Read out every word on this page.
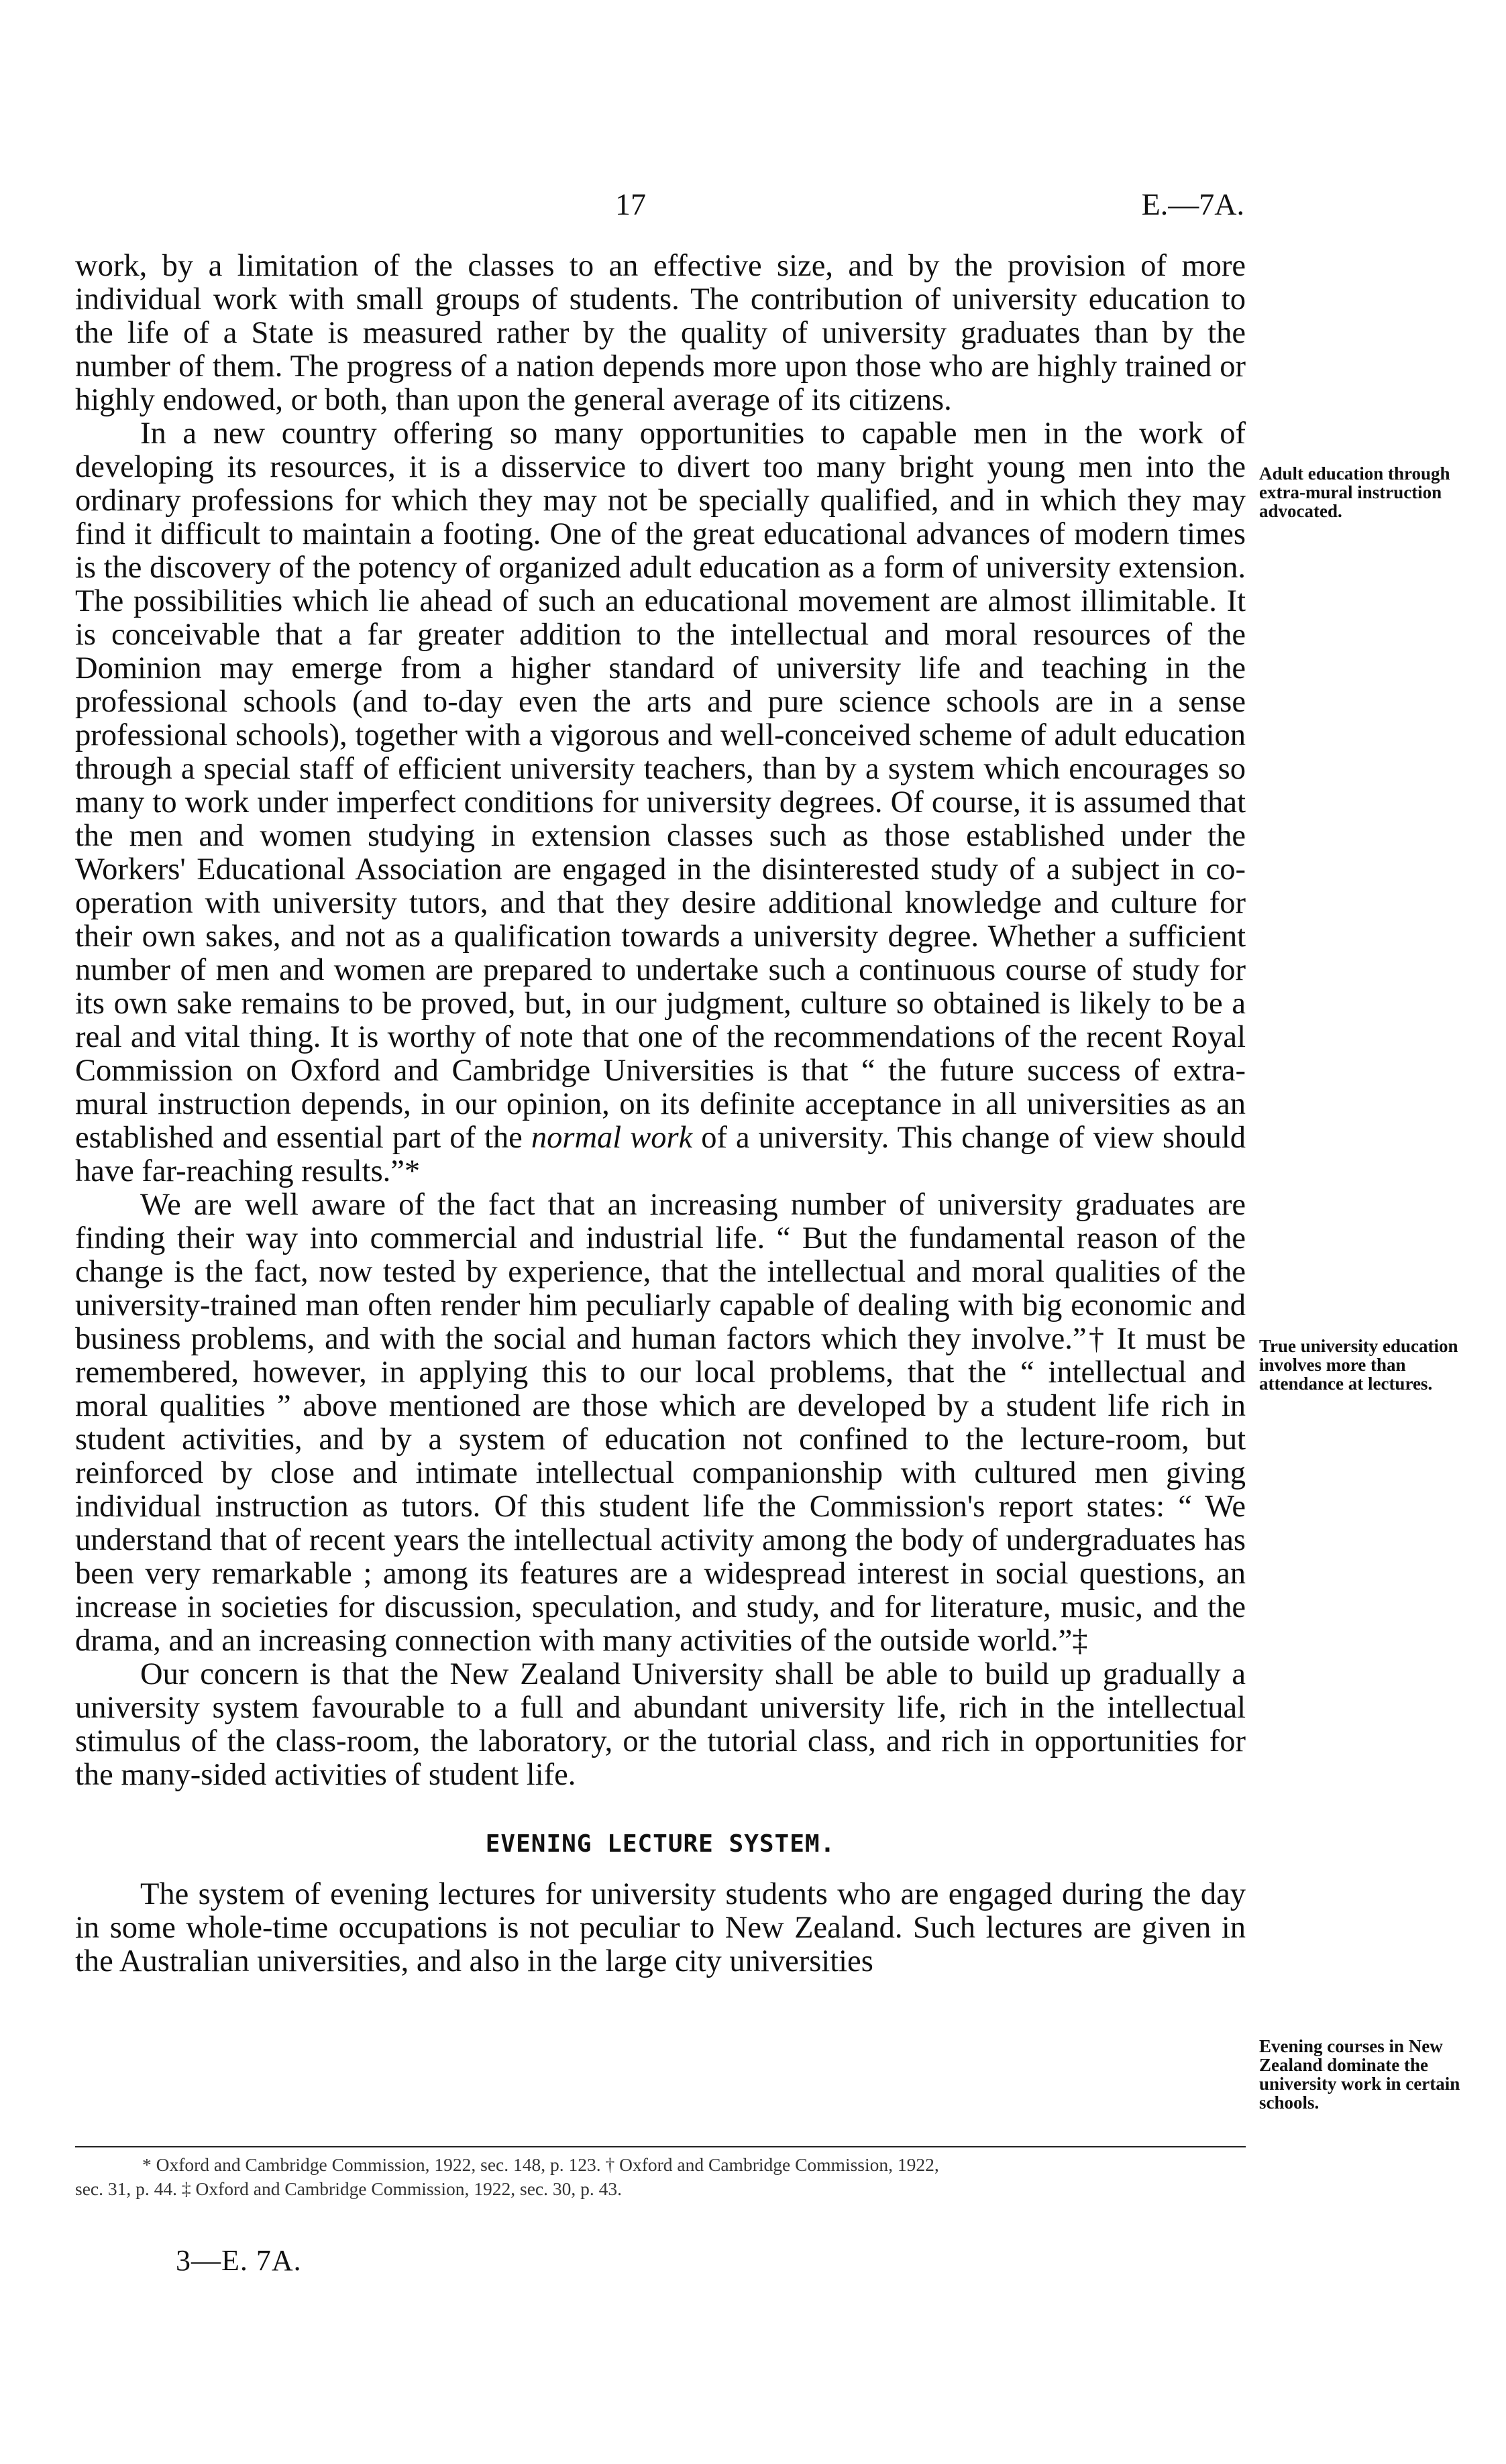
17	E.—7A.

work, by a limitation of the classes to an effective size, and by the provision of more individual work with small groups of students. The contribution of university education to the life of a State is measured rather by the quality of university graduates than by the number of them. The progress of a nation depends more upon those who are highly trained or highly endowed, or both, than upon the general average of its citizens.

In a new country offering so many opportunities to capable men in the work of developing its resources, it is a disservice to divert too many bright young men into the ordinary professions for which they may not be specially qualified, and in which they may find it difficult to maintain a footing. One of the great educational advances of modern times is the discovery of the potency of organized adult education as a form of university extension. The possibilities which lie ahead of such an educational movement are almost illimitable. It is conceivable that a far greater addition to the intellectual and moral resources of the Dominion may emerge from a higher standard of university life and teaching in the professional schools (and to-day even the arts and pure science schools are in a sense professional schools), together with a vigorous and well-conceived scheme of adult education through a special staff of efficient university teachers, than by a system which encourages so many to work under imperfect conditions for university degrees. Of course, it is assumed that the men and women studying in extension classes such as those established under the Workers' Educational Association are engaged in the disinterested study of a subject in co-operation with university tutors, and that they desire additional knowledge and culture for their own sakes, and not as a qualification towards a university degree. Whether a sufficient number of men and women are prepared to undertake such a continuous course of study for its own sake remains to be proved, but, in our judgment, culture so obtained is likely to be a real and vital thing. It is worthy of note that one of the recommendations of the recent Royal Commission on Oxford and Cambridge Universities is that “ the future success of extra-mural instruction depends, in our opinion, on its definite acceptance in all universities as an established and essential part of the normal work of a university. This change of view should have far-reaching results.”*

We are well aware of the fact that an increasing number of university graduates are finding their way into commercial and industrial life. “ But the fundamental reason of the change is the fact, now tested by experience, that the intellectual and moral qualities of the university-trained man often render him peculiarly capable of dealing with big economic and business problems, and with the social and human factors which they involve.”† It must be remembered, however, in applying this to our local problems, that the “ intellectual and moral qualities ” above mentioned are those which are developed by a student life rich in student activities, and by a system of education not confined to the lecture-room, but reinforced by close and intimate intellectual companionship with cultured men giving individual instruction as tutors. Of this student life the Commission's report states: “ We understand that of recent years the intellectual activity among the body of undergraduates has been very remarkable ; among its features are a widespread interest in social questions, an increase in societies for discussion, speculation, and study, and for literature, music, and the drama, and an increasing connection with many activities of the outside world.”‡

Our concern is that the New Zealand University shall be able to build up gradually a university system favourable to a full and abundant university life, rich in the intellectual stimulus of the class-room, the laboratory, or the tutorial class, and rich in opportunities for the many-sided activities of student life.

EVENING LECTURE SYSTEM.

The system of evening lectures for university students who are engaged during the day in some whole-time occupations is not peculiar to New Zealand. Such lectures are given in the Australian universities, and also in the large city universities

Adult education through extra-mural instruction advocated.
True university education involves more than attendance at lectures.
Evening courses in New Zealand dominate the university work in certain schools.
* Oxford and Cambridge Commission, 1922, sec. 148, p. 123. † Oxford and Cambridge Commission, 1922,
sec. 31, p. 44. ‡ Oxford and Cambridge Commission, 1922, sec. 30, p. 43.
3—E. 7A.
